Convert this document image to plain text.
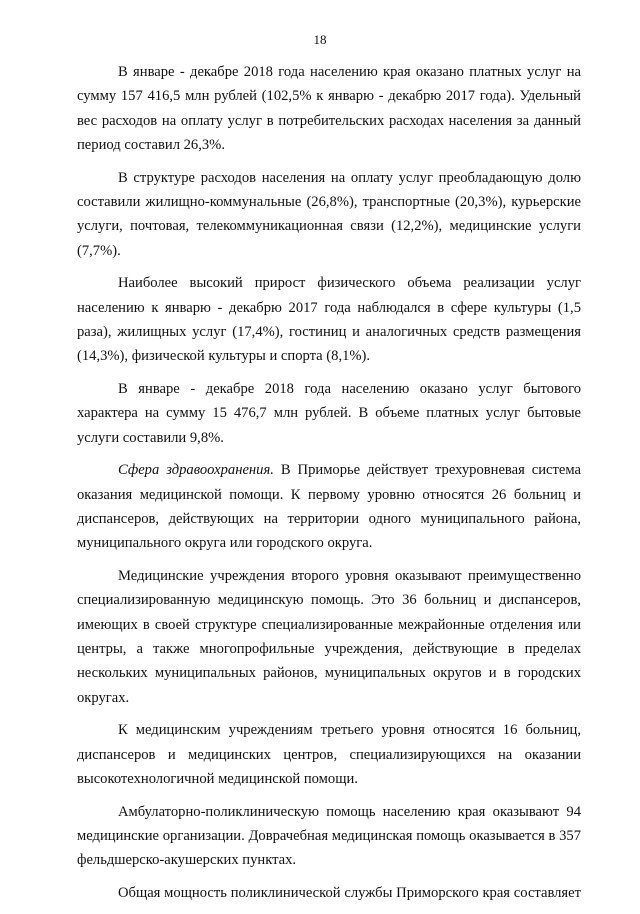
18

В январе - декабре 2018 года населению края оказано платных услуг на сумму 157 416,5 млн рублей (102,5% к январю - декабрю 2017 года). Удельный вес расходов на оплату услуг в потребительских расходах населения за данный период составил 26,3%.

В структуре расходов населения на оплату услуг преобладающую долю составили жилищно-коммунальные (26,8%), транспортные (20,3%), курьерские услуги, почтовая, телекоммуникационная связи (12,2%), медицинские услуги (7,7%).

Наиболее высокий прирост физического объема реализации услуг населению к январю - декабрю 2017 года наблюдался в сфере культуры (1,5 раза), жилищных услуг (17,4%), гостиниц и аналогичных средств размещения (14,3%), физической культуры и спорта (8,1%).

В январе - декабре 2018 года населению оказано услуг бытового характера на сумму 15 476,7 млн рублей. В объеме платных услуг бытовые услуги составили 9,8%.

Сфера здравоохранения. В Приморье действует трехуровневая система оказания медицинской помощи. К первому уровню относятся 26 больниц и диспансеров, действующих на территории одного муниципального района, муниципального округа или городского округа.

Медицинские учреждения второго уровня оказывают преимущественно специализированную медицинскую помощь. Это 36 больниц и диспансеров, имеющих в своей структуре специализированные межрайонные отделения или центры, а также многопрофильные учреждения, действующие в пределах нескольких муниципальных районов, муниципальных округов и в городских округах.

К медицинским учреждениям третьего уровня относятся 16 больниц, диспансеров и медицинских центров, специализирующихся на оказании высокотехнологичной медицинской помощи.

Амбулаторно-поликлиническую помощь населению края оказывают 94 медицинские организации. Доврачебная медицинская помощь оказывается в 357 фельдшерско-акушерских пунктах.

Общая мощность поликлинической службы Приморского края составляет
